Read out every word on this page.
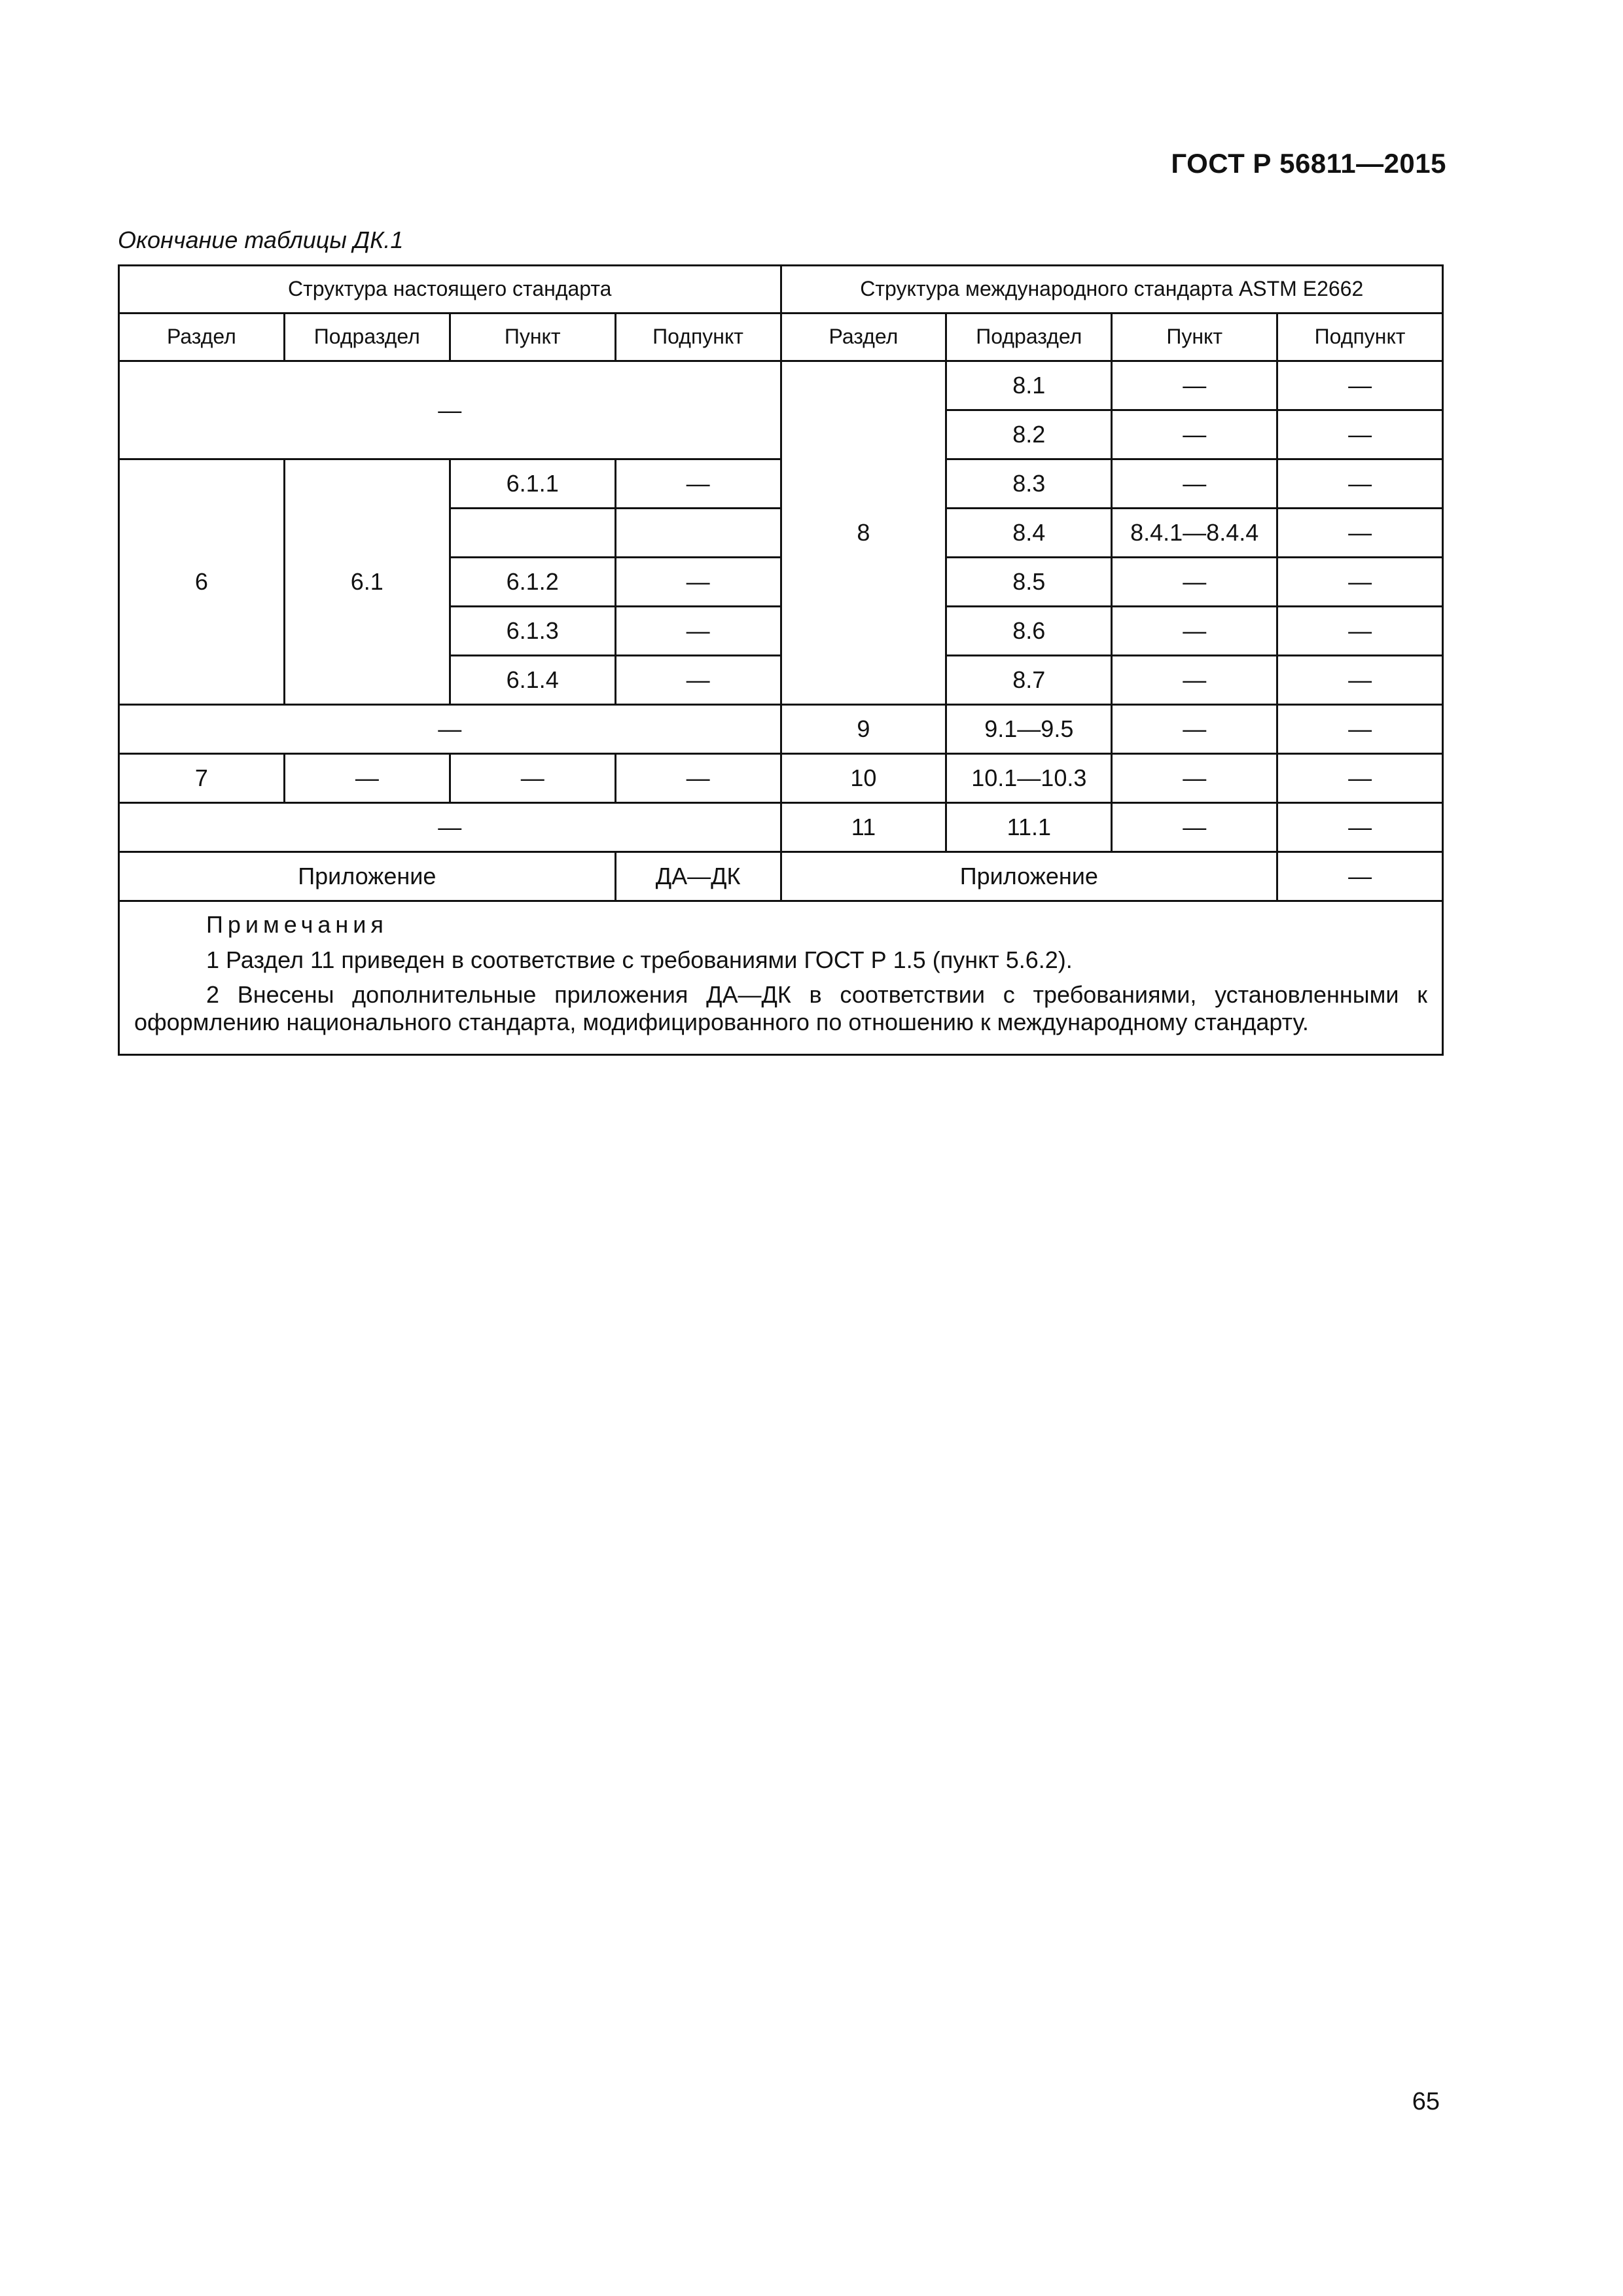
ГОСТ Р 56811—2015
Окончание таблицы ДК.1
Структура настоящего стандарта				Структура международного стандарта ASTM E2662			
Раздел	Подраздел	Пункт	Подпункт	Раздел	Подраздел	Пункт	Подпункт
—				8	8.1	—	—
					8.2	—	—
6	6.1	6.1.1	—		8.3	—	—
					8.4	8.4.1—8.4.4	—
		6.1.2	—		8.5	—	—
		6.1.3	—		8.6	—	—
		6.1.4	—		8.7	—	—
—				9	9.1—9.5	—	—
7	—	—	—	10	10.1—10.3	—	—
—				11	11.1	—	—
Приложение			ДА—ДК	Приложение			—

Примечания
1 Раздел 11 приведен в соответствие с требованиями ГОСТ Р 1.5 (пункт 5.6.2).
2 Внесены дополнительные приложения ДА—ДК в соответствии с требованиями, установленными к оформлению национального стандарта, модифицированного по отношению к международному стандарту.							
65
